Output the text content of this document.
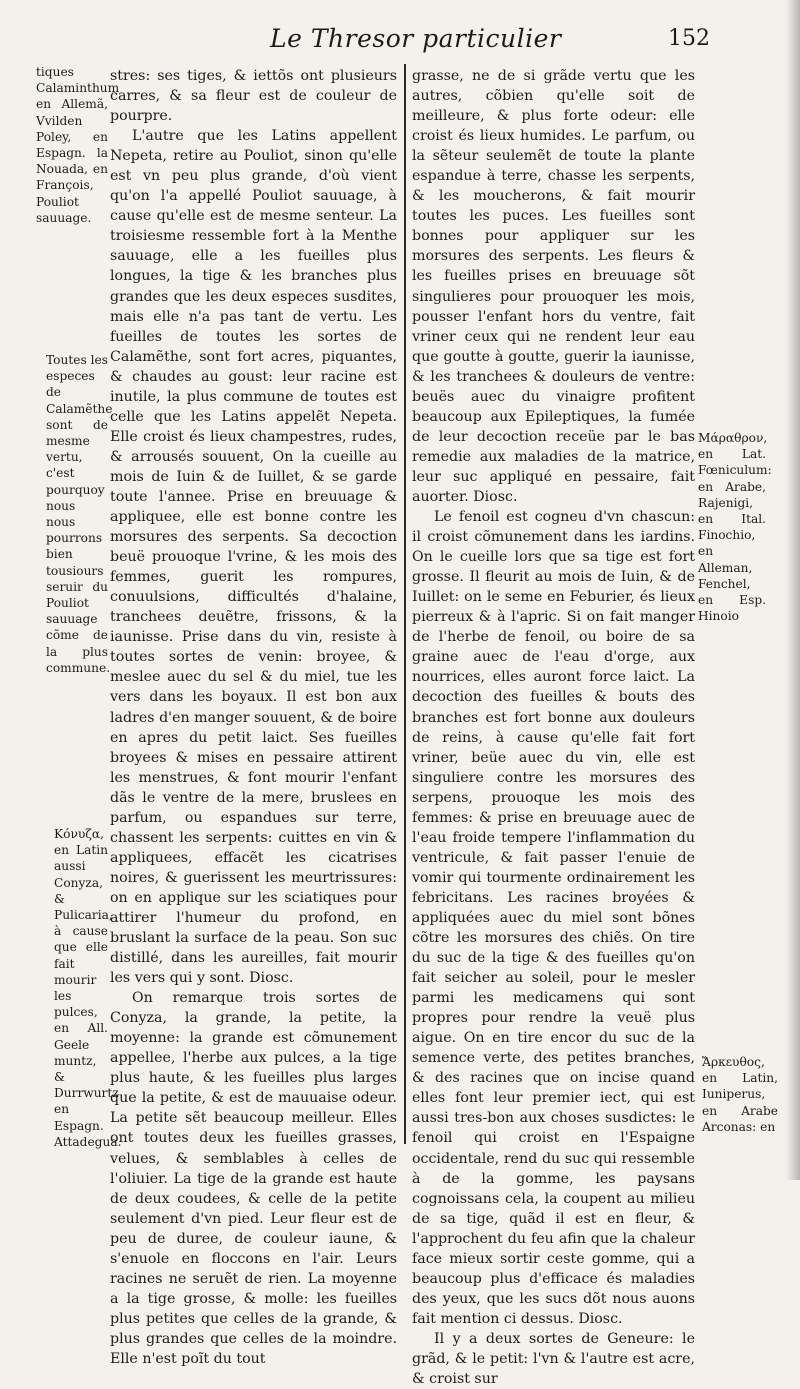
Le Thresor particulier	152
tiques Calaminthum en Allemã, Vvilden Poley, en Espagn. la Nouada, en François, Pouliot sauuage.
Toutes les especes de Calamẽthe sont de mesme vertu, c'est pourquoy nous nous pourrons bien tousiours seruir du Pouliot sauuage cõme de la plus commune.
Κόνυζα, en Latin aussi Conyza, & Pulicaria, à cause que elle fait mourir les pulces, en All. Geele muntz, & Durrwurtz en Espagn. Attadegua.

stres: ses tiges, & iettõs ont plusieurs carres, & sa fleur est de couleur de pourpre.

L'autre que les Latins appellent Nepeta, retire au Pouliot, sinon qu'elle est vn peu plus grande, d'où vient qu'on l'a appellé Pouliot sauuage, à cause qu'elle est de mesme senteur. La troisiesme ressemble fort à la Menthe sauuage, elle a les fueilles plus longues, la tige & les branches plus grandes que les deux especes susdites, mais elle n'a pas tant de vertu. Les fueilles de toutes les sortes de Calamẽthe, sont fort acres, piquantes, & chaudes au goust: leur racine est inutile, la plus commune de toutes est celle que les Latins appelẽt Nepeta. Elle croist és lieux champestres, rudes, & arrousés souuent, On la cueille au mois de Iuin & de Iuillet, & se garde toute l'annee. Prise en breuuage & appliquee, elle est bonne contre les morsures des serpents. Sa decoction beuë prouoque l'vrine, & les mois des femmes, guerit les rompures, conuulsions, difficultés d'halaine, tranchees deuẽtre, frissons, & la iaunisse. Prise dans du vin, resiste à toutes sortes de venin: broyee, & meslee auec du sel & du miel, tue les vers dans les boyaux. Il est bon aux ladres d'en manger souuent, & de boire en apres du petit laict. Ses fueilles broyees & mises en pessaire attirent les menstrues, & font mourir l'enfant dãs le ventre de la mere, bruslees en parfum, ou espandues sur terre, chassent les serpents: cuittes en vin & appliquees, effacẽt les cicatrises noires, & guerissent les meurtrissures: on en applique sur les sciatiques pour attirer l'humeur du profond, en bruslant la surface de la peau. Son suc distillé, dans les aureilles, fait mourir les vers qui y sont. Diosc.

On remarque trois sortes de Conyza, la grande, la petite, la moyenne: la grande est cõmunement appellee, l'herbe aux pulces, a la tige plus haute, & les fueilles plus larges que la petite, & est de mauuaise odeur. La petite sẽt beaucoup meilleur. Elles ont toutes deux les fueilles grasses, velues, & semblables à celles de l'oliuier. La tige de la grande est haute de deux coudees, & celle de la petite seulement d'vn pied. Leur fleur est de peu de duree, de couleur iaune, & s'enuole en floccons en l'air. Leurs racines ne seruẽt de rien. La moyenne a la tige grosse, & molle: les fueilles plus petites que celles de la grande, & plus grandes que celles de la moindre. Elle n'est poĩt du tout

grasse, ne de si grãde vertu que les autres, cõbien qu'elle soit de meilleure, & plus forte odeur: elle croist és lieux humides. Le parfum, ou la sẽteur seulemẽt de toute la plante espandue à terre, chasse les serpents, & les moucherons, & fait mourir toutes les puces. Les fueilles sont bonnes pour appliquer sur les morsures des serpents. Les fleurs & les fueilles prises en breuuage sõt singulieres pour prouoquer les mois, pousser l'enfant hors du ventre, fait vriner ceux qui ne rendent leur eau que goutte à goutte, guerir la iaunisse, & les tranchees & douleurs de ventre: beuës auec du vinaigre profitent beaucoup aux Epileptiques, la fumée de leur decoction receüe par le bas remedie aux maladies de la matrice, leur suc appliqué en pessaire, fait auorter. Diosc.

Le fenoil est cogneu d'vn chascun: il croist cõmunement dans les iardins. On le cueille lors que sa tige est fort grosse. Il fleurit au mois de Iuin, & de Iuillet: on le seme en Feburier, és lieux pierreux & à l'apric. Si on fait manger de l'herbe de fenoil, ou boire de sa graine auec de l'eau d'orge, aux nourrices, elles auront force laict. La decoction des fueilles & bouts des branches est fort bonne aux douleurs de reins, à cause qu'elle fait fort vriner, beüe auec du vin, elle est singuliere contre les morsures des serpens, prouoque les mois des femmes: & prise en breuuage auec de l'eau froide tempere l'inflammation du ventricule, & fait passer l'enuie de vomir qui tourmente ordinairement les febricitans. Les racines broyées & appliquées auec du miel sont bõnes cõtre les morsures des chiẽs. On tire du suc de la tige & des fueilles qu'on fait seicher au soleil, pour le mesler parmi les medicamens qui sont propres pour rendre la veuë plus aigue. On en tire encor du suc de la semence verte, des petites branches, & des racines que on incise quand elles font leur premier iect, qui est aussi tres-bon aux choses susdictes: le fenoil qui croist en l'Espaigne occidentale, rend du suc qui ressemble à de la gomme, les paysans cognoissans cela, la coupent au milieu de sa tige, quãd il est en fleur, & l'approchent du feu afin que la chaleur face mieux sortir ceste gomme, qui a beaucoup plus d'efficace és maladies des yeux, que les sucs dõt nous auons fait mention ci dessus. Diosc.

Il y a deux sortes de Geneure: le grãd, & le petit: l'vn & l'autre est acre, & croist sur

Μάραθρον, en Lat. Fœniculum: en Arabe, Rajenigi, en Ital. Finochio, en Alleman, Fenchel, en Esp. Hinoio
Ἄρκευθος, en Latin, Iuniperus, en Arabe Arconas: en
